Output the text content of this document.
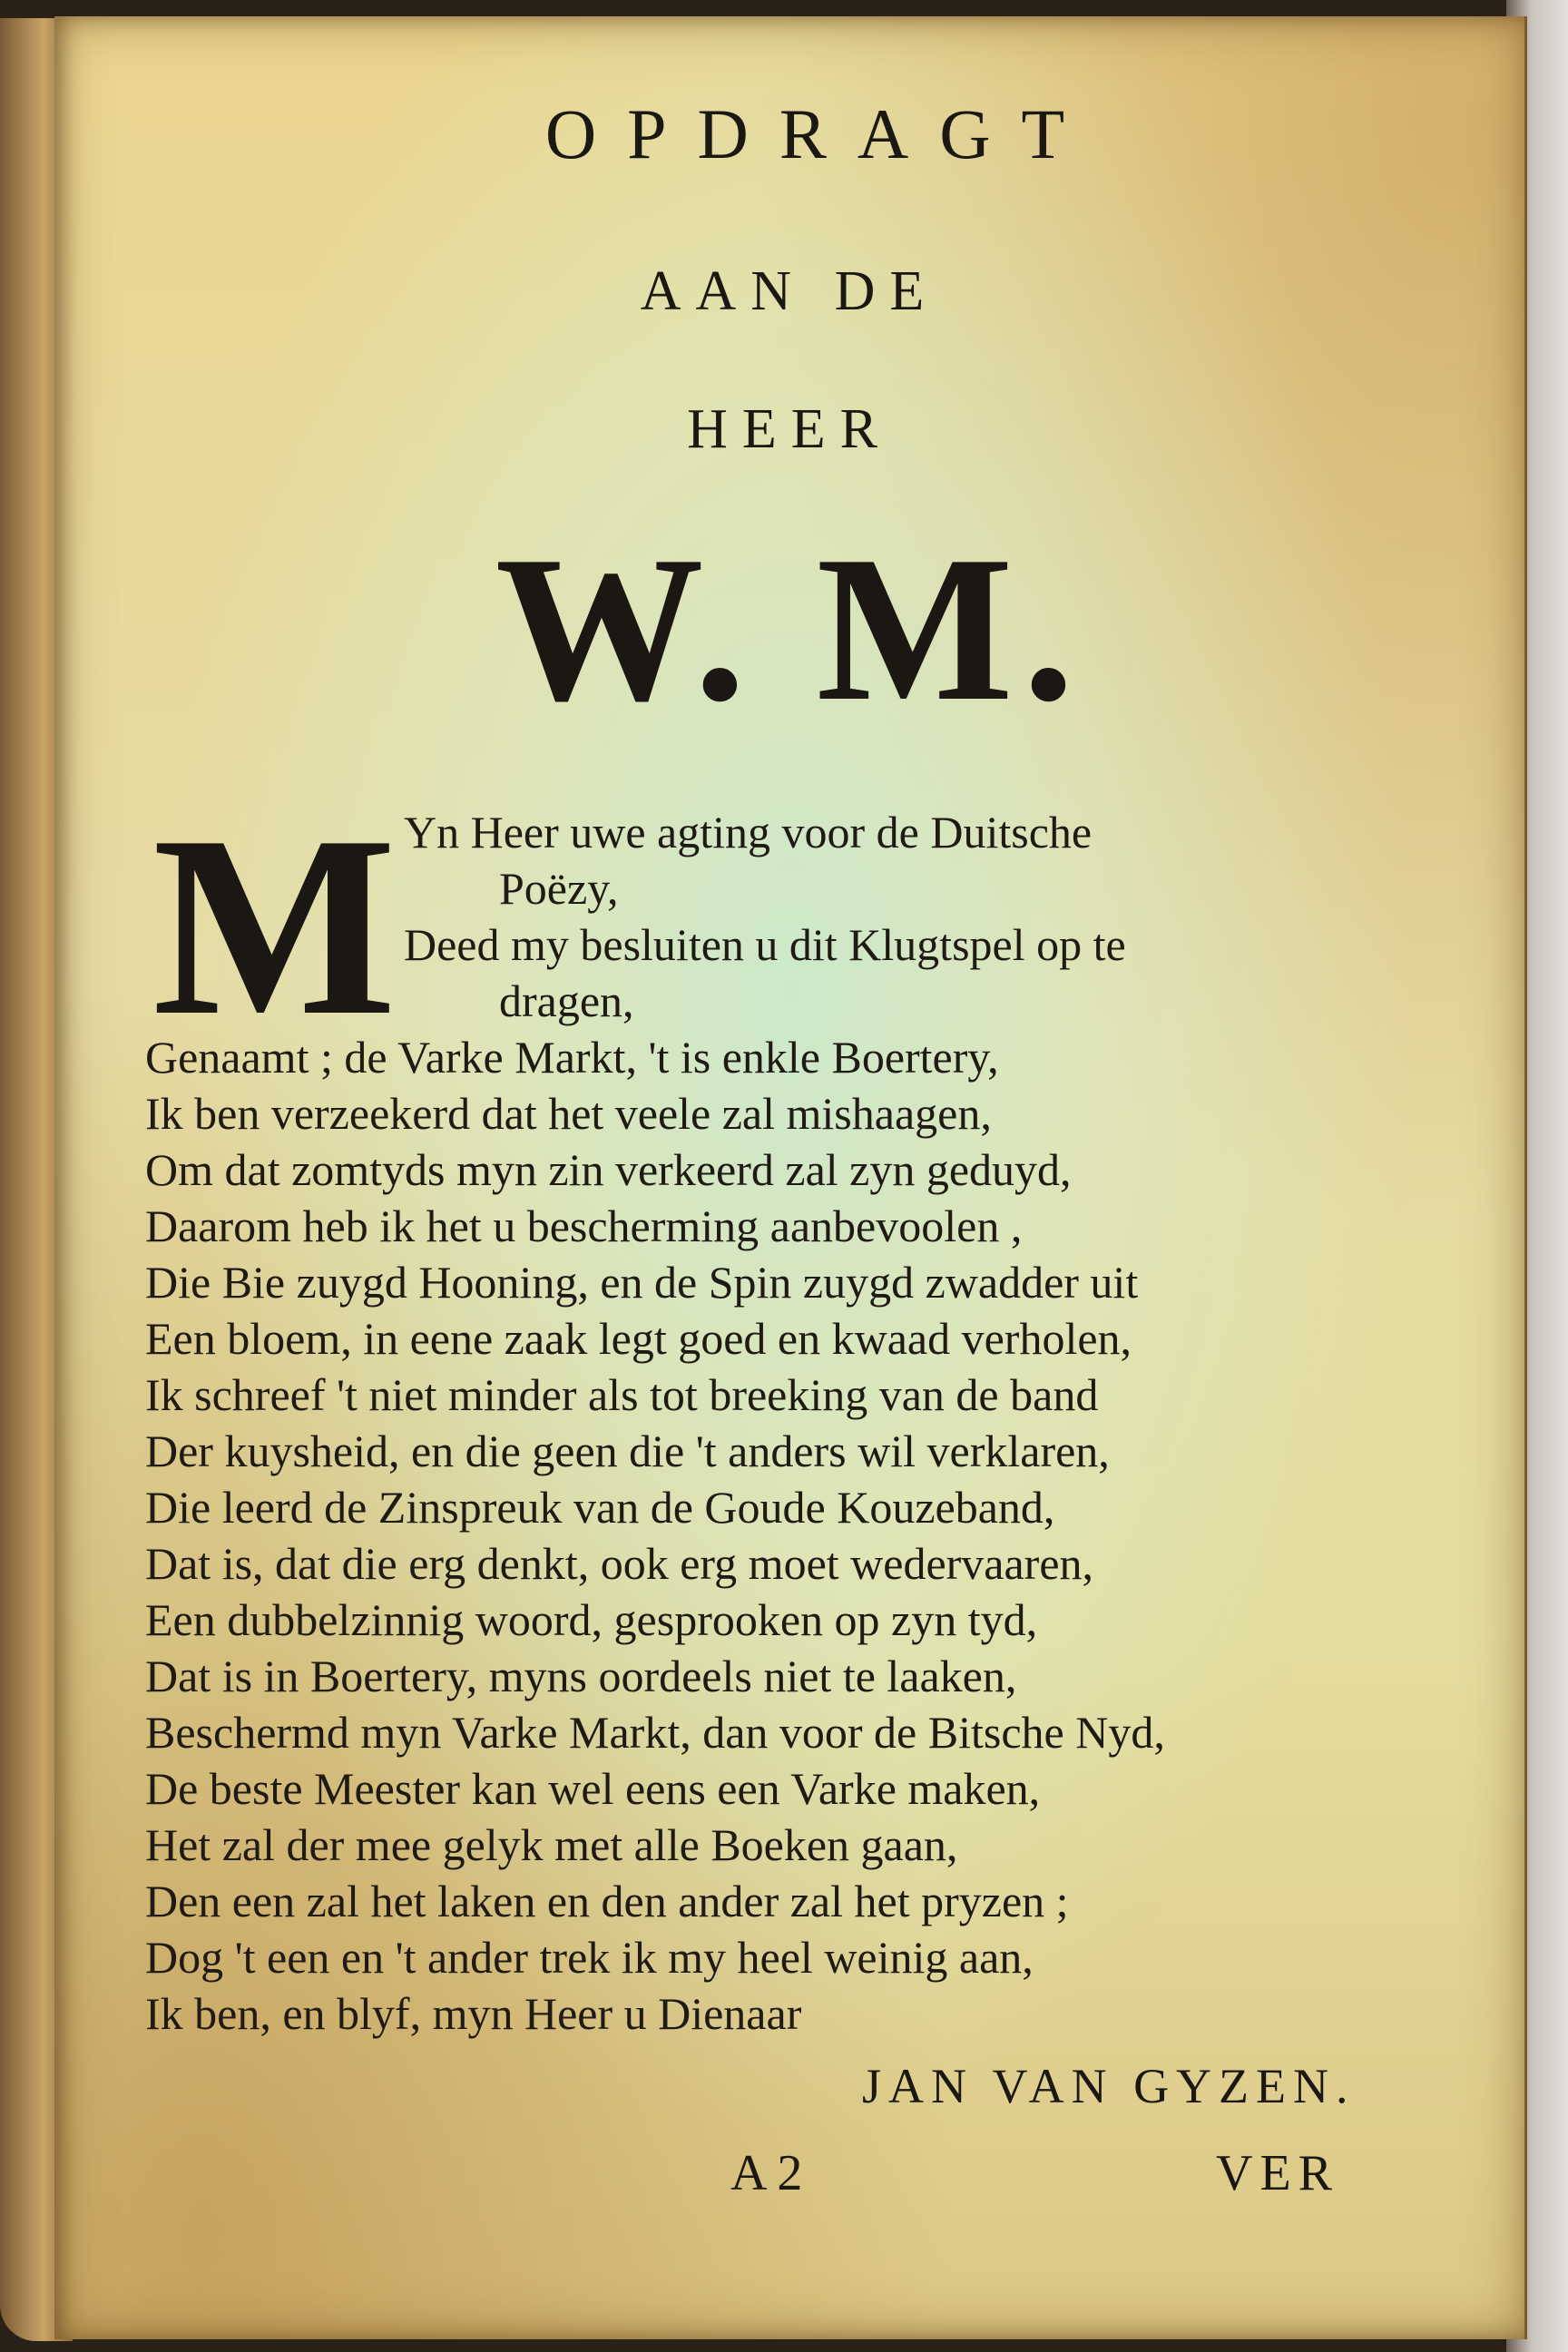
OPDRAGT
AAN DE
HEER
W. M.
M Yn Heer uwe agting voor de Duitsche
Poëzy,
Deed my besluiten u dit Klugtspel op te
dragen,
Genaamt ; de Varke Markt, 't is enkle Boertery,
Ik ben verzeekerd dat het veele zal mishaagen,
Om dat zomtyds myn zin verkeerd zal zyn geduyd,
Daarom heb ik het u bescherming aanbevoolen ,
Die Bie zuygd Hooning, en de Spin zuygd zwadder uit
Een bloem, in eene zaak legt goed en kwaad verholen,
Ik schreef 't niet minder als tot breeking van de band
Der kuysheid, en die geen die 't anders wil verklaren,
Die leerd de Zinspreuk van de Goude Kouzeband,
Dat is, dat die erg denkt, ook erg moet wedervaaren,
Een dubbelzinnig woord, gesprooken op zyn tyd,
Dat is in Boertery, myns oordeels niet te laaken,
Beschermd myn Varke Markt, dan voor de Bitsche Nyd,
De beste Meester kan wel eens een Varke maken,
Het zal der mee gelyk met alle Boeken gaan,
Den een zal het laken en den ander zal het pryzen ;
Dog 't een en 't ander trek ik my heel weinig aan,
Ik ben, en blyf, myn Heer u Dienaar
JAN VAN GYZEN.
A 2	VER
